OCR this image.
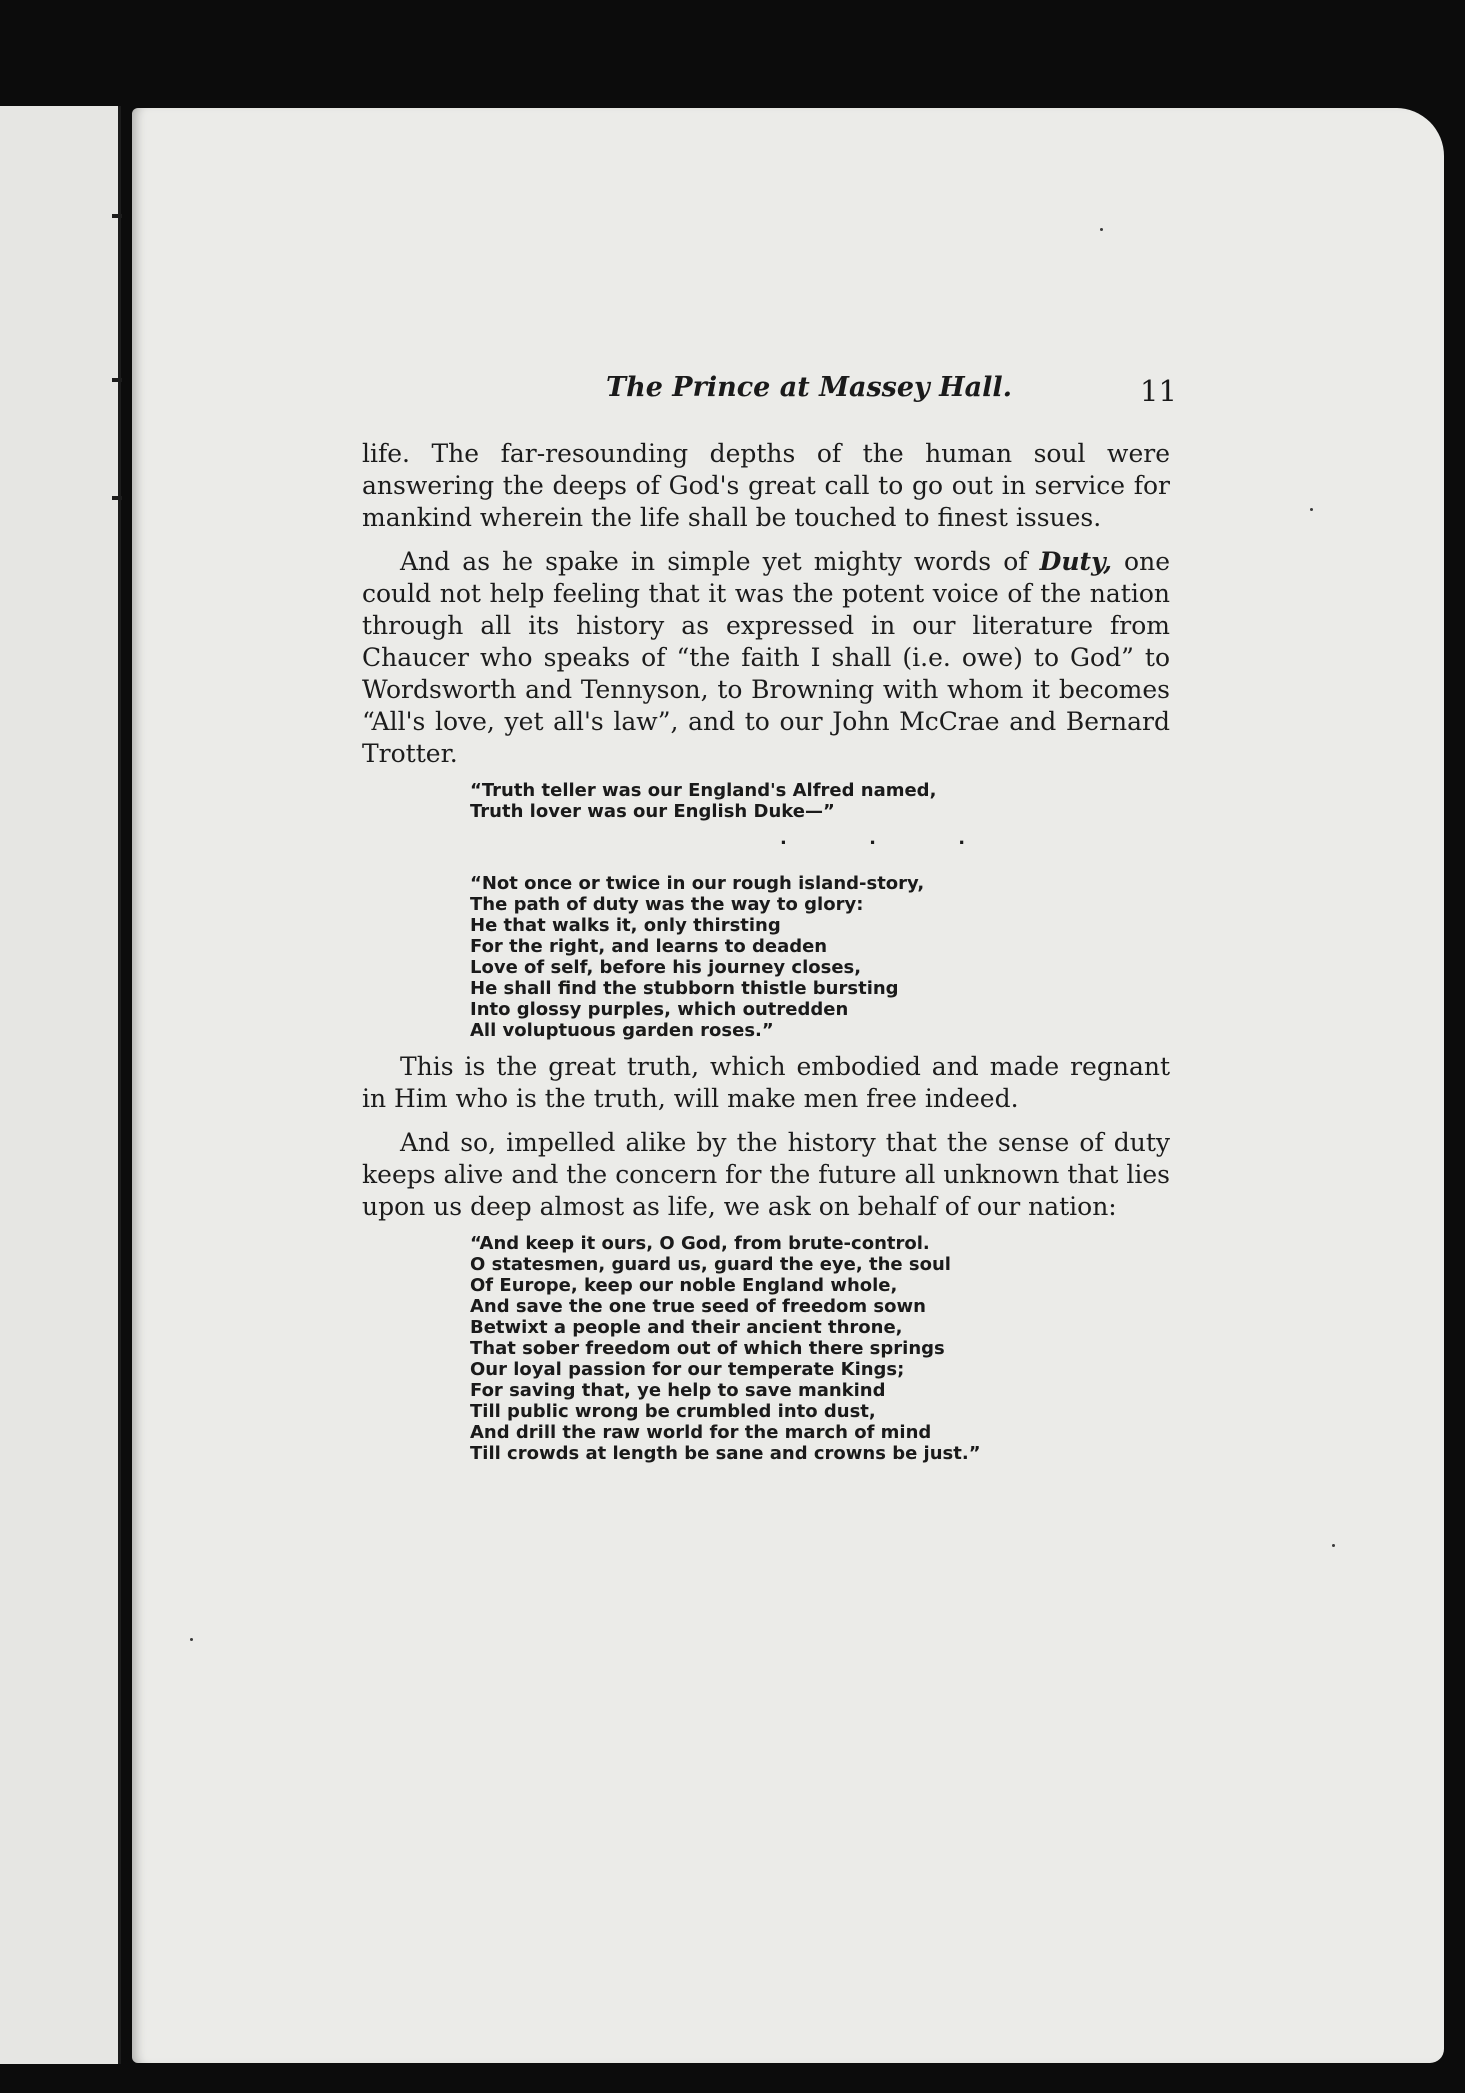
The Prince at Massey Hall.	11

life. The far-resounding depths of the human soul were answering the deeps of God's great call to go out in service for mankind wherein the life shall be touched to finest issues.

And as he spake in simple yet mighty words of Duty, one could not help feeling that it was the potent voice of the nation through all its history as expressed in our literature from Chaucer who speaks of “the faith I shall (i.e. owe) to God” to Wordsworth and Tennyson, to Browning with whom it becomes “All's love, yet all's law”, and to our John McCrae and Bernard Trotter.

“Truth teller was our England's Alfred named,
Truth lover was our English Duke—”
. . .
“Not once or twice in our rough island-story,
The path of duty was the way to glory:
He that walks it, only thirsting
For the right, and learns to deaden
Love of self, before his journey closes,
He shall find the stubborn thistle bursting
Into glossy purples, which outredden
All voluptuous garden roses.”

This is the great truth, which embodied and made regnant in Him who is the truth, will make men free indeed.

And so, impelled alike by the history that the sense of duty keeps alive and the concern for the future all unknown that lies upon us deep almost as life, we ask on behalf of our nation:

“And keep it ours, O God, from brute-control.
O statesmen, guard us, guard the eye, the soul
Of Europe, keep our noble England whole,
And save the one true seed of freedom sown
Betwixt a people and their ancient throne,
That sober freedom out of which there springs
Our loyal passion for our temperate Kings;
For saving that, ye help to save mankind
Till public wrong be crumbled into dust,
And drill the raw world for the march of mind
Till crowds at length be sane and crowns be just.”
